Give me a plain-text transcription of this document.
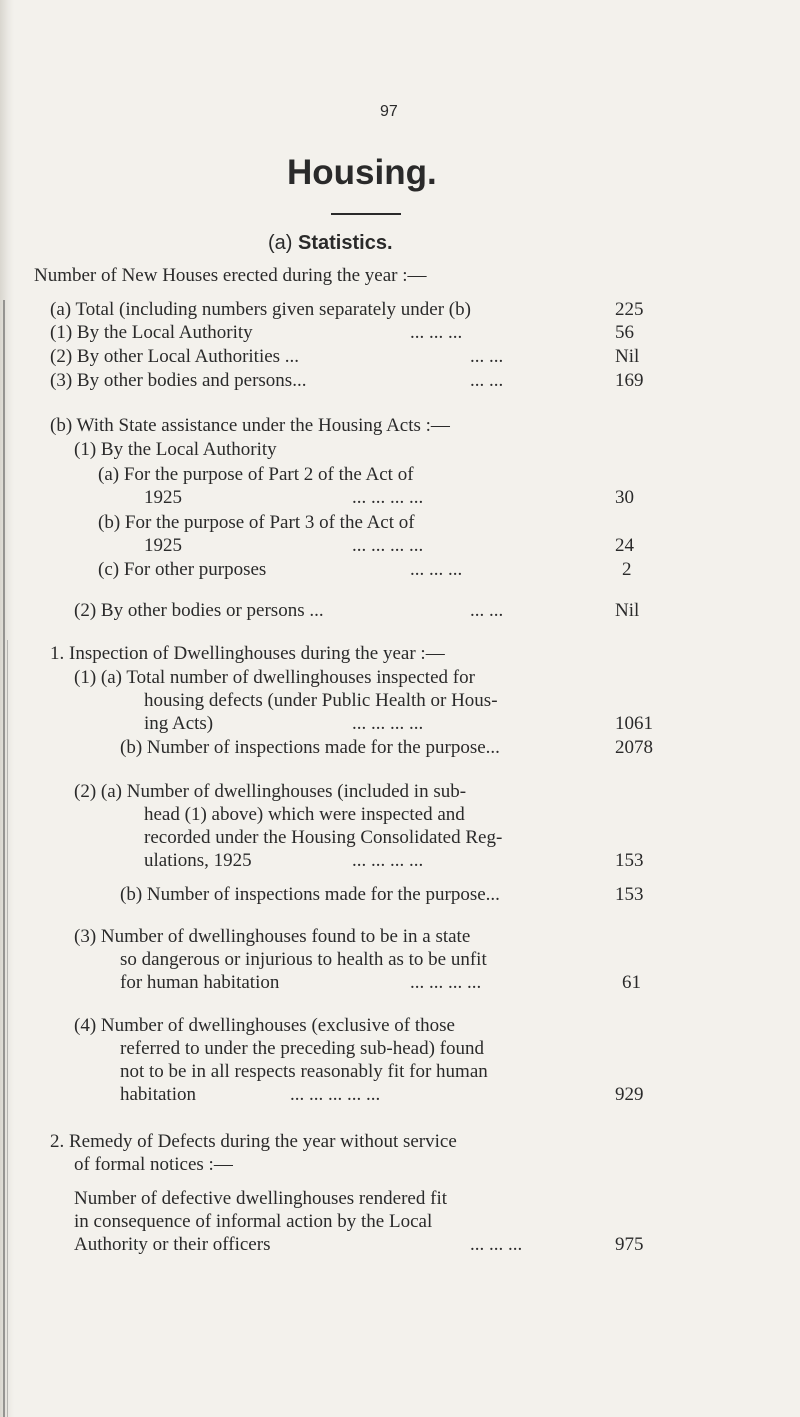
97
Housing.
(a) Statistics.
Number of New Houses erected during the year :—
(a) Total (including numbers given separately under (b)	225
(1) By the Local Authority	... ... ...	56
(2) By other Local Authorities ...	... ...	Nil
(3) By other bodies and persons...	... ...	169
(b) With State assistance under the Housing Acts :—
(1) By the Local Authority
(a) For the purpose of Part 2 of the Act of
1925	... ... ... ...	30
(b) For the purpose of Part 3 of the Act of
1925	... ... ... ...	24
(c) For other purposes	... ... ...	2
(2) By other bodies or persons ...	... ...	Nil
1. Inspection of Dwellinghouses during the year :—
(1) (a) Total number of dwellinghouses inspected for
housing defects (under Public Health or Hous-
ing Acts)	... ... ... ...	1061
(b) Number of inspections made for the purpose...	2078
(2) (a) Number of dwellinghouses (included in sub-
head (1) above) which were inspected and
recorded under the Housing Consolidated Reg-
ulations, 1925	... ... ... ...	153
(b) Number of inspections made for the purpose...	153
(3) Number of dwellinghouses found to be in a state
so dangerous or injurious to health as to be unfit
for human habitation	... ... ... ...	61
(4) Number of dwellinghouses (exclusive of those
referred to under the preceding sub-head) found
not to be in all respects reasonably fit for human
habitation	... ... ... ... ...	929
2. Remedy of Defects during the year without service
of formal notices :—
Number of defective dwellinghouses rendered fit
in consequence of informal action by the Local
Authority or their officers	... ... ...	975
